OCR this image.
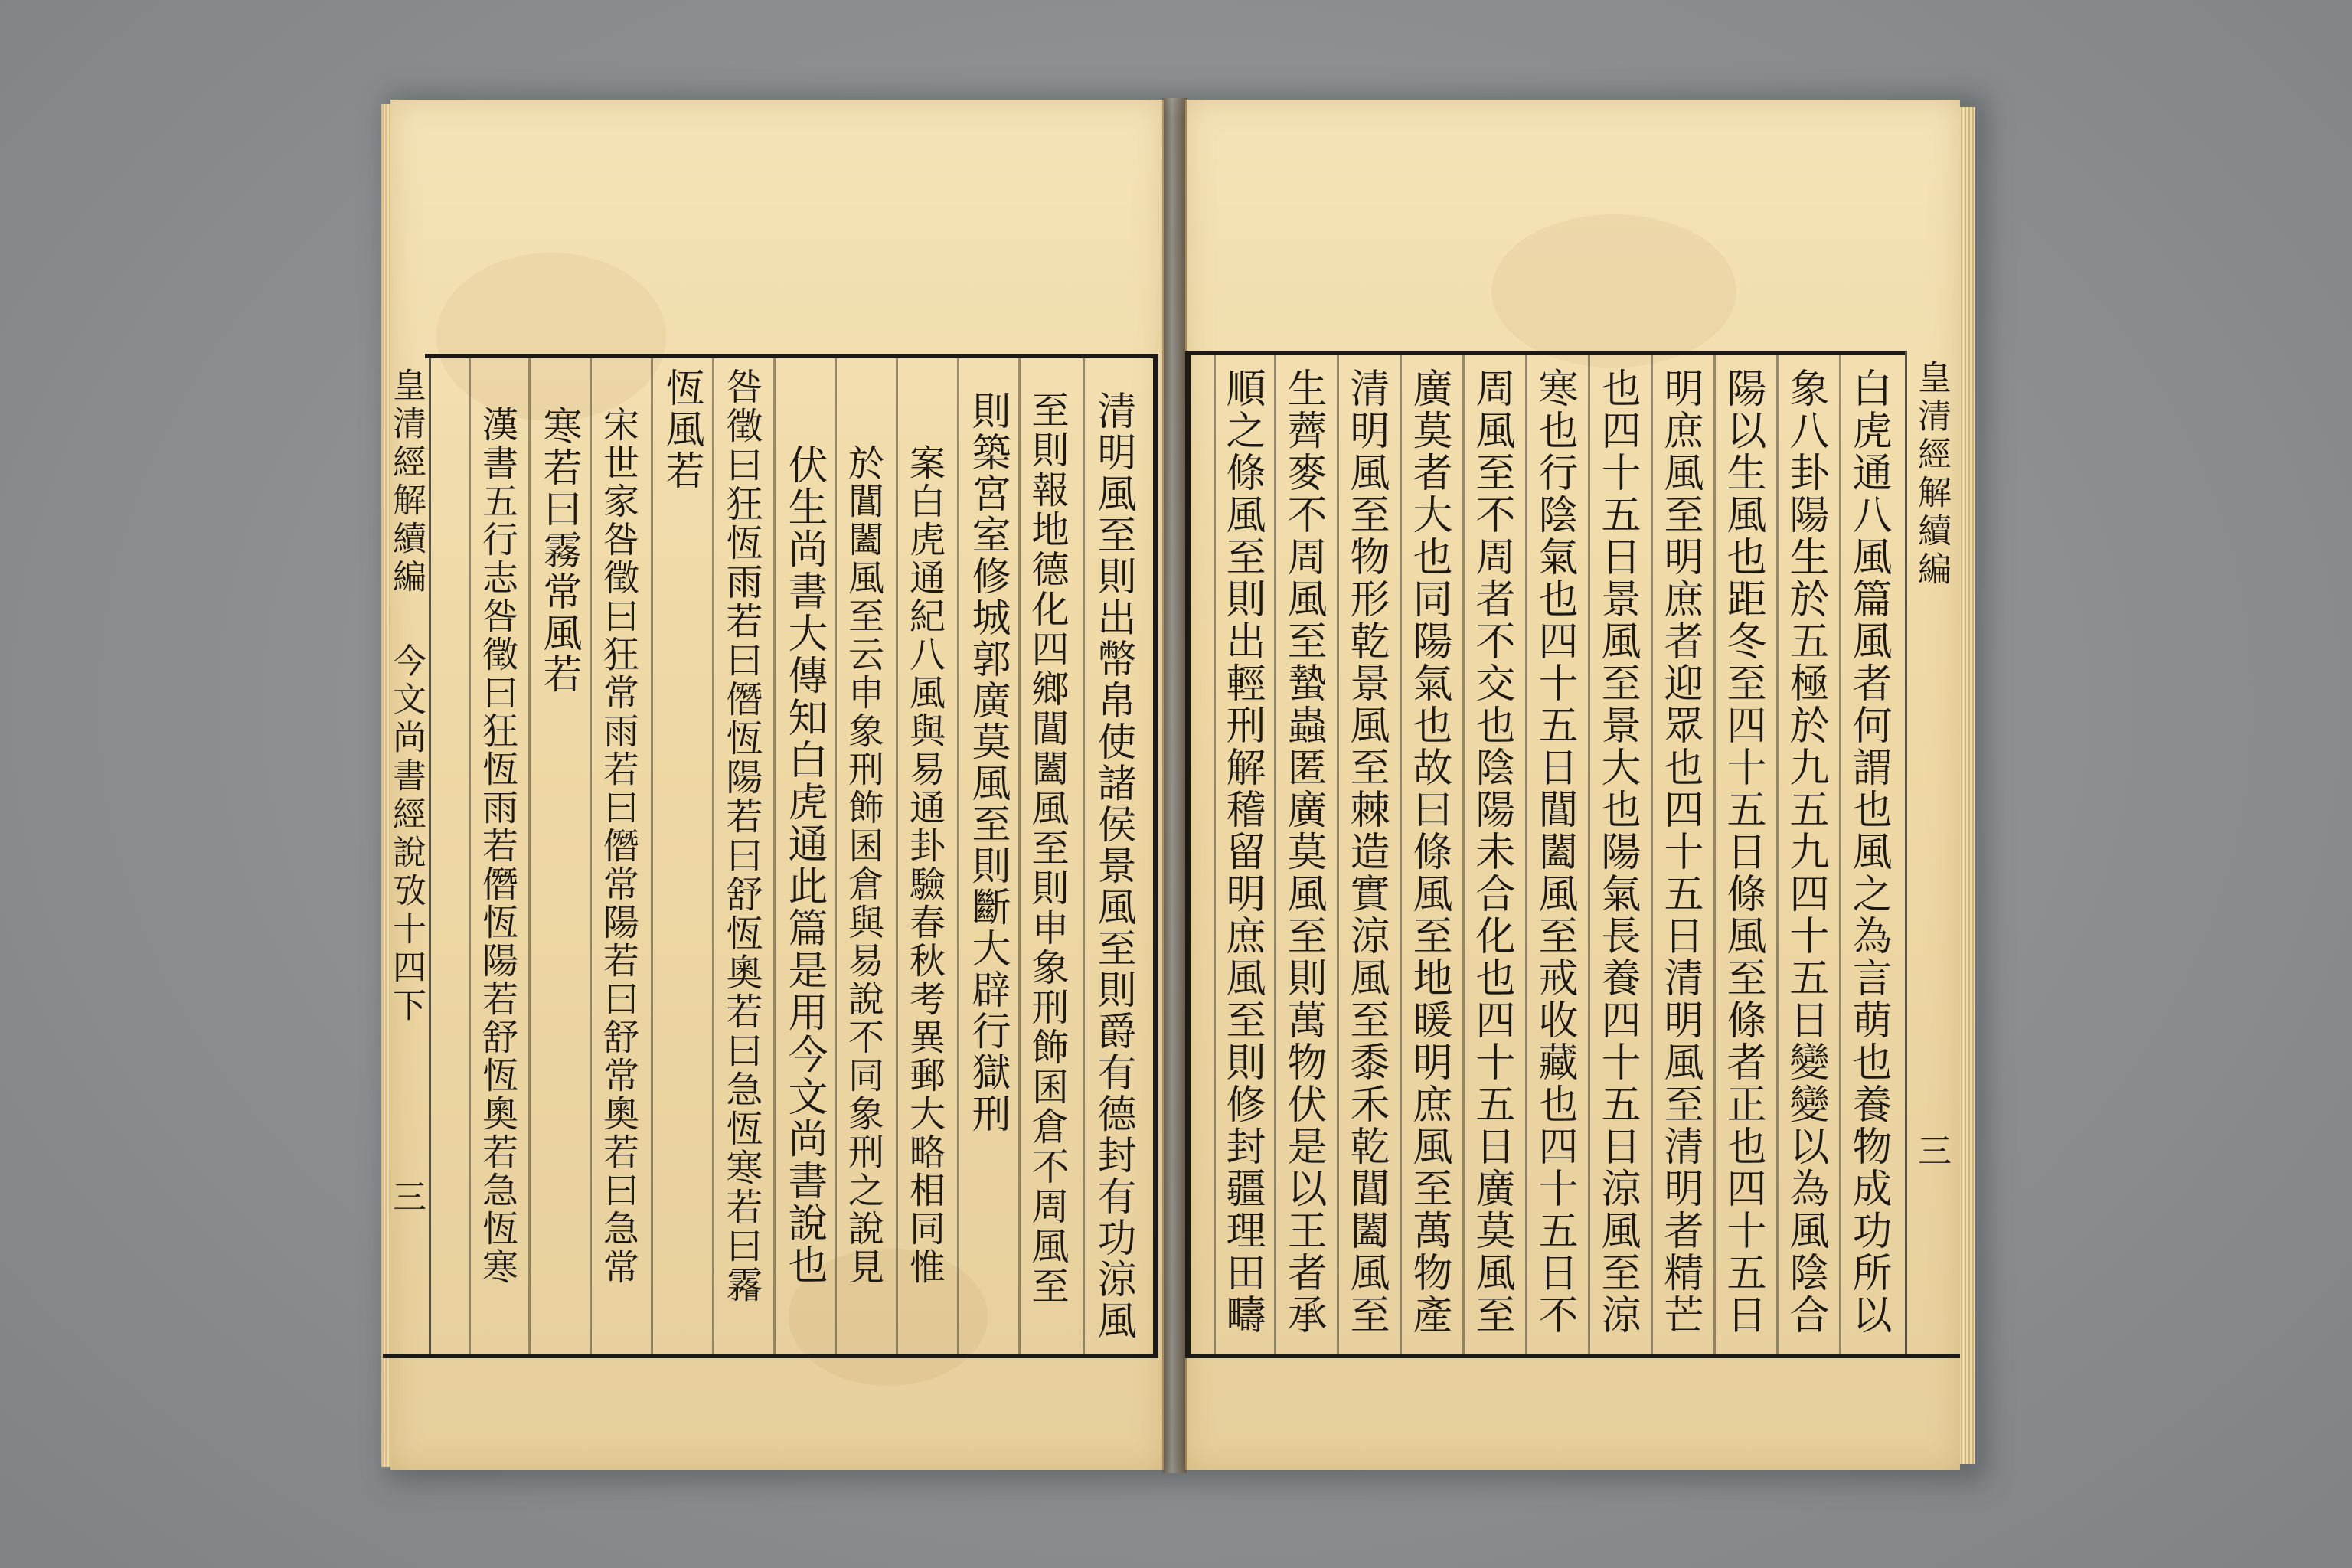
皇清經解續編
今文尚書經說攷十四下
三	清明風至則出幣帛使諸侯景風至則爵有德封有功涼風
至則報地德化四鄉閶闔風至則申象刑飾囷倉不周風至
則築宮室修城郭廣莫風至則斷大辟行獄刑
案白虎通紀八風與易通卦驗春秋考異郵大略相同惟
於閶闔風至云申象刑飾囷倉與易說不同象刑之說見
伏生尚書大傳知白虎通此篇是用今文尚書說也
咎徵曰狂恆雨若曰僭恆陽若曰舒恆奧若曰急恆寒若曰霿
恆風若
宋世家咎徵曰狂常雨若曰僭常陽若曰舒常奧若曰急常
寒若曰霧常風若
漢書五行志咎徵曰狂恆雨若僭恆陽若舒恆奧若急恆寒	皇清經解續編
三
白虎通八風篇風者何謂也風之為言萌也養物成功所以
象八卦陽生於五極於九五九四十五日變變以為風陰合
陽以生風也距冬至四十五日條風至條者正也四十五日
明庶風至明庶者迎眾也四十五日清明風至清明者精芒
也四十五日景風至景大也陽氣長養四十五日涼風至涼
寒也行陰氣也四十五日閶闔風至戒收藏也四十五日不
周風至不周者不交也陰陽未合化也四十五日廣莫風至
廣莫者大也同陽氣也故曰條風至地暖明庶風至萬物產
清明風至物形乾景風至棘造實涼風至黍禾乾閶闔風至
生薺麥不周風至蟄蟲匿廣莫風至則萬物伏是以王者承
順之條風至則出輕刑解稽留明庶風至則修封疆理田疇
